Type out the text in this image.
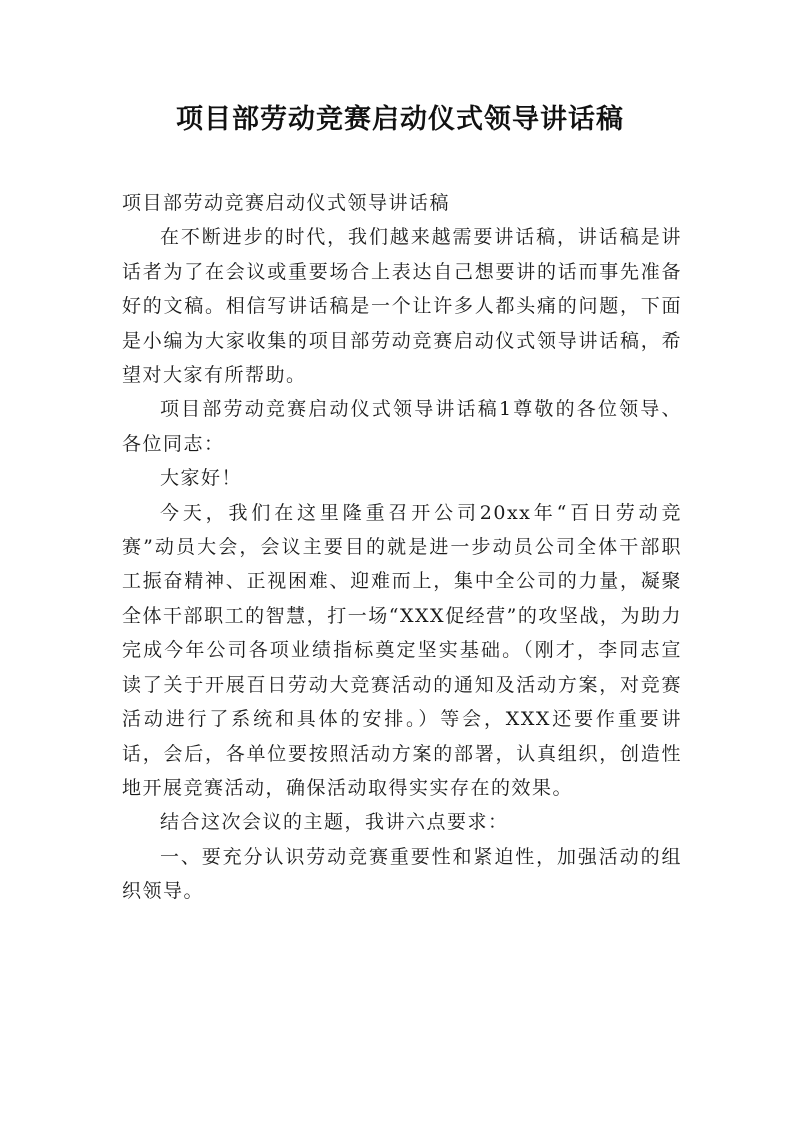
项目部劳动竞赛启动仪式领导讲话稿

项目部劳动竞赛启动仪式领导讲话稿

在不断进步的时代，我们越来越需要讲话稿，讲话稿是讲话者为了在会议或重要场合上表达自己想要讲的话而事先准备好的文稿。相信写讲话稿是一个让许多人都头痛的问题，下面是小编为大家收集的项目部劳动竞赛启动仪式领导讲话稿，希望对大家有所帮助。

项目部劳动竞赛启动仪式领导讲话稿1尊敬的各位领导、各位同志：

大家好！

今天，我们在这里隆重召开公司20xx年“百日劳动竞赛”动员大会，会议主要目的就是进一步动员公司全体干部职工振奋精神、正视困难、迎难而上，集中全公司的力量，凝聚全体干部职工的智慧，打一场“XXX促经营”的攻坚战，为助力完成今年公司各项业绩指标奠定坚实基础。（刚才，李同志宣读了关于开展百日劳动大竞赛活动的通知及活动方案，对竞赛活动进行了系统和具体的安排。）等会，XXX还要作重要讲话，会后，各单位要按照活动方案的部署，认真组织，创造性地开展竞赛活动，确保活动取得实实存在的效果。

结合这次会议的主题，我讲六点要求：

一、要充分认识劳动竞赛重要性和紧迫性，加强活动的组织领导。
